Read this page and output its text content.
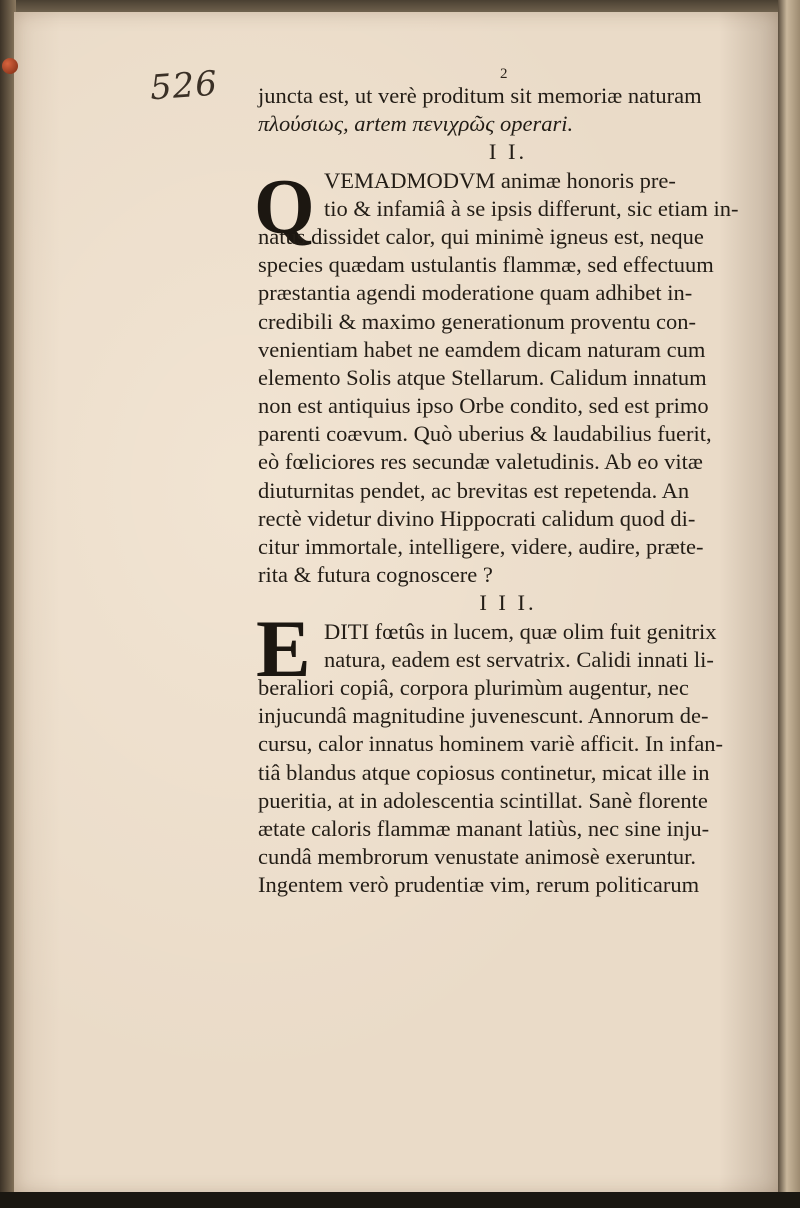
526	2
Q
E
juncta est, ut verè proditum sit memoriæ naturam
πλούσιως, artem πενιχρῶς operari.
I I.
VEMADMODVM animæ honoris pre-
tio & infamiâ à se ipsis differunt, sic etiam in-
natus dissidet calor, qui minimè igneus est, neque
species quædam ustulantis flammæ, sed effectuum
præstantia agendi moderatione quam adhibet in-
credibili & maximo generationum proventu con-
venientiam habet ne eamdem dicam naturam cum
elemento Solis atque Stellarum. Calidum innatum
non est antiquius ipso Orbe condito, sed est primo
parenti coævum. Quò uberius & laudabilius fuerit,
eò fœliciores res secundæ valetudinis. Ab eo vitæ
diuturnitas pendet, ac brevitas est repetenda. An
rectè videtur divino Hippocrati calidum quod di-
citur immortale, intelligere, videre, audire, præte-
rita & futura cognoscere ?
I I I.
DITI fœtûs in lucem, quæ olim fuit genitrix
natura, eadem est servatrix. Calidi innati li-
beraliori copiâ, corpora plurimùm augentur, nec
injucundâ magnitudine juvenescunt. Annorum de-
cursu, calor innatus hominem variè afficit. In infan-
tiâ blandus atque copiosus continetur, micat ille in
pueritia, at in adolescentia scintillat. Sanè florente
ætate caloris flammæ manant latiùs, nec sine inju-
cundâ membrorum venustate animosè exeruntur.
Ingentem verò prudentiæ vim, rerum politicarum
